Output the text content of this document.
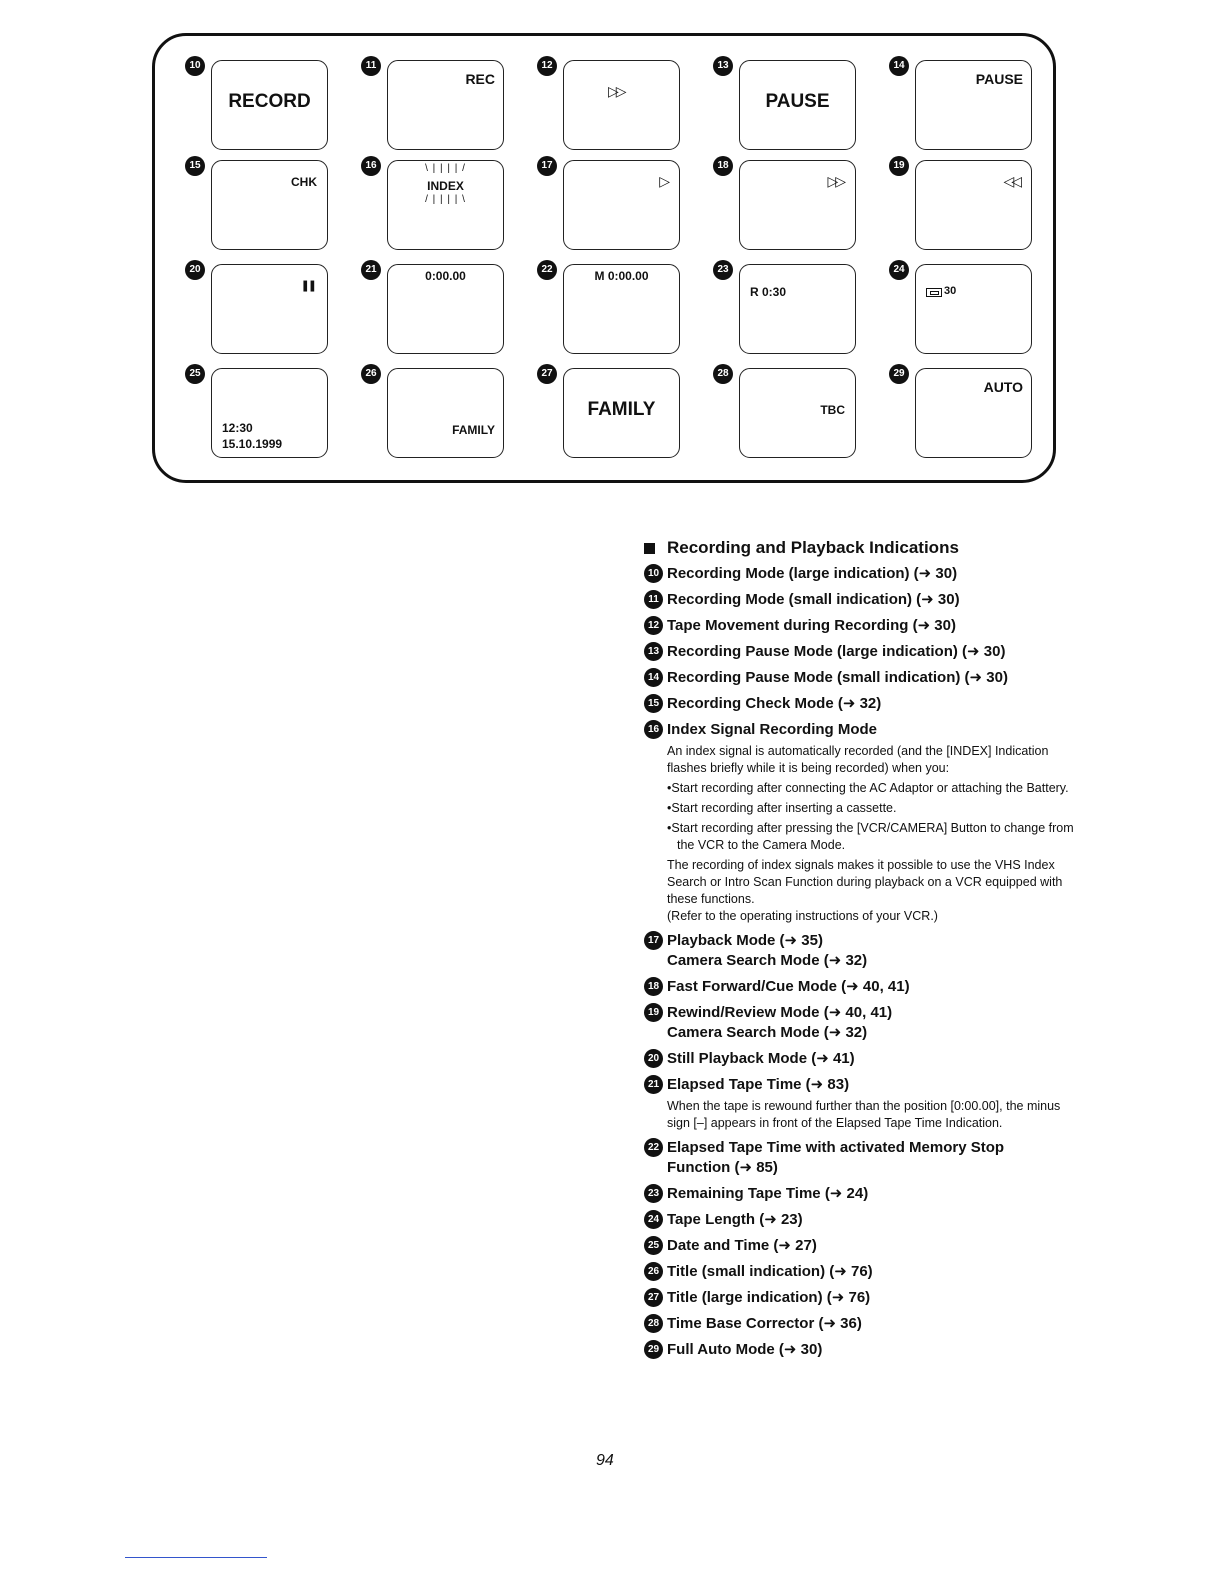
10
RECORD
11
REC
12
▷▷
13
PAUSE
14
PAUSE
15
CHK
16	\ | | | | /
/ | | | | \
INDEX
17
▷
18
▷▷
19
◁◁
20
❚❚
21	0:00.00	22	M 0:00.00	23
R 0:30
24
30
25
15.10.1999
12:30
26
FAMILY
27
FAMILY
28
TBC
29
AUTO
Recording and Playback Indications
10 Recording Mode (large indication) (➜ 30)
11 Recording Mode (small indication) (➜ 30)
12 Tape Movement during Recording (➜ 30)
13 Recording Pause Mode (large indication) (➜ 30)
14 Recording Pause Mode (small indication) (➜ 30)
15 Recording Check Mode (➜ 32)
16 Index Signal Recording Mode

An index signal is automatically recorded (and the [INDEX] Indication flashes briefly while it is being recorded) when you:

•Start recording after connecting the AC Adaptor or attaching the Battery.

•Start recording after inserting a cassette.

•Start recording after pressing the [VCR/CAMERA] Button to change from the VCR to the Camera Mode.

The recording of index signals makes it possible to use the VHS Index Search or Intro Scan Function during playback on a VCR equipped with these functions.

(Refer to the operating instructions of your VCR.)

17 Playback Mode (➜ 35)
Camera Search Mode (➜ 32)
18 Fast Forward/Cue Mode (➜ 40, 41)
19 Rewind/Review Mode (➜ 40, 41)
Camera Search Mode (➜ 32)
20 Still Playback Mode (➜ 41)
21 Elapsed Tape Time (➜ 83)
When the tape is rewound further than the position [0:00.00], the minus sign [–] appears in front of the Elapsed Tape Time Indication.
22 Elapsed Tape Time with activated Memory Stop
Function (➜ 85)
23 Remaining Tape Time (➜ 24)
24 Tape Length (➜ 23)
25 Date and Time (➜ 27)
26 Title (small indication) (➜ 76)
27 Title (large indication) (➜ 76)
28 Time Base Corrector (➜ 36)
29 Full Auto Mode (➜ 30)
94
